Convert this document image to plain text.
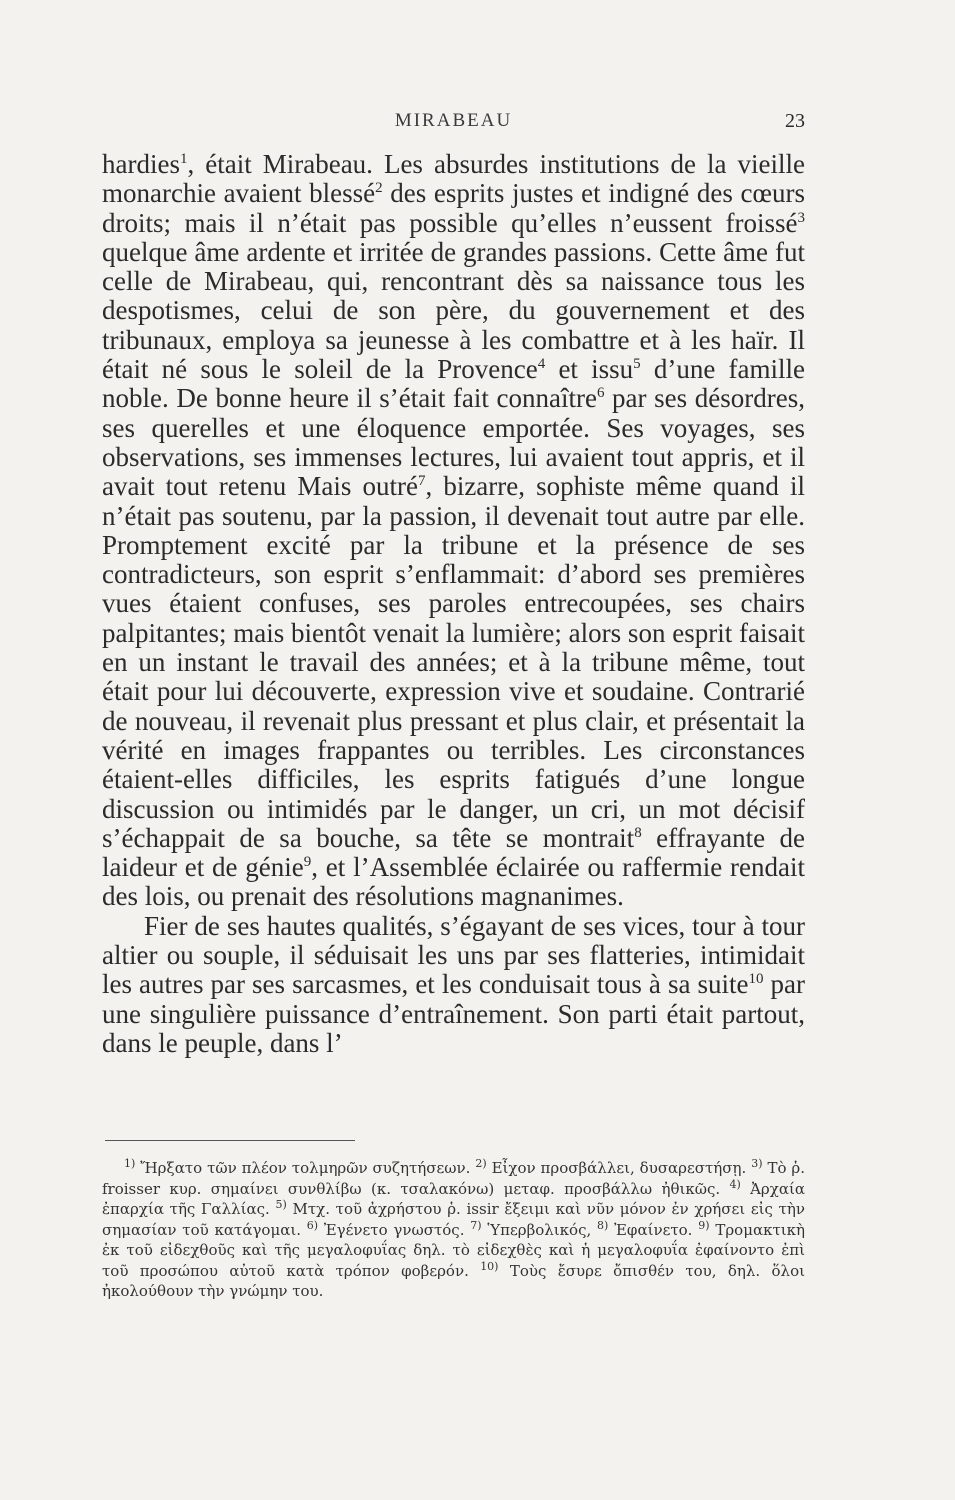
MIRABEAU	23

hardies$^1$, était Mirabeau. Les absurdes institutions de la vieille monarchie avaient blessé$^2$ des esprits justes et indigné des cœurs droits; mais il n’était pas possible qu’elles n’eussent froissé$^3$ quelque âme ardente et irritée de grandes passions. Cette âme fut celle de Mirabeau, qui, rencontrant dès sa naissance tous les despotismes, celui de son père, du gouvernement et des tribunaux, employa sa jeunesse à les combattre et à les haïr. Il était né sous le soleil de la Provence$^4$ et issu$^5$ d’une famille noble. De bonne heure il s’était fait connaître$^6$ par ses désordres, ses querelles et une éloquence emportée. Ses voyages, ses observations, ses immenses lectures, lui avaient tout appris, et il avait tout retenu Mais outré$^7$, bizarre, sophiste même quand il n’était pas soutenu, par la passion, il devenait tout autre par elle. Promptement excité par la tribune et la présence de ses contradicteurs, son esprit s’enflammait: d’abord ses premières vues étaient confuses, ses paroles entrecoupées, ses chairs palpitantes; mais bientôt venait la lumière; alors son esprit faisait en un instant le travail des années; et à la tribune même, tout était pour lui découverte, expression vive et soudaine. Contrarié de nouveau, il revenait plus pressant et plus clair, et présentait la vérité en images frappantes ou terribles. Les circonstances étaient-elles difficiles, les esprits fatigués d’une longue discussion ou intimidés par le danger, un cri, un mot décisif s’échappait de sa bouche, sa tête se montrait$^8$ effrayante de laideur et de génie$^9$, et l’Assemblée éclairée ou raffermie rendait des lois, ou prenait des résolutions magnanimes.

Fier de ses hautes qualités, s’égayant de ses vices, tour à tour altier ou souple, il séduisait les uns par ses flatteries, intimidait les autres par ses sarcasmes, et les conduisait tous à sa suite$^{10}$ par une singulière puissance d’entraînement. Son parti était partout, dans le peuple, dans l’

$^{1)}$ Ἤρξατο τῶν πλέον τολμηρῶν συζητήσεων. $^{2)}$ Εἶχον προσβάλλει, δυσαρεστήσῃ. $^{3)}$ Τὸ ῥ. froisser κυρ. σημαίνει συνθλίβω (κ. τσαλακόνω) μεταφ. προσβάλλω ἠθικῶς. $^{4)}$ Ἀρχαία ἐπαρχία τῆς Γαλλίας. $^{5)}$ Μτχ. τοῦ ἀχρήστου ῥ. issir ἔξειμι καὶ νῦν μόνον ἐν χρήσει εἰς τὴν σημασίαν τοῦ κατάγομαι. $^{6)}$ Ἐγένετο γνωστός. $^{7)}$ Ὑπερβολικός, $^{8)}$ Ἐφαίνετο. $^{9)}$ Τρομακτικὴ ἐκ τοῦ εἰδεχθοῦς καὶ τῆς μεγαλοφυΐας δηλ. τὸ εἰδεχθὲς καὶ ἡ μεγαλοφυΐα ἐφαίνοντο ἐπὶ τοῦ προσώπου αὐτοῦ κατὰ τρόπον φοβερόν. $^{10)}$ Τοὺς ἔσυρε ὄπισθέν του, δηλ. ὅλοι ἠκολούθουν τὴν γνώμην του.
